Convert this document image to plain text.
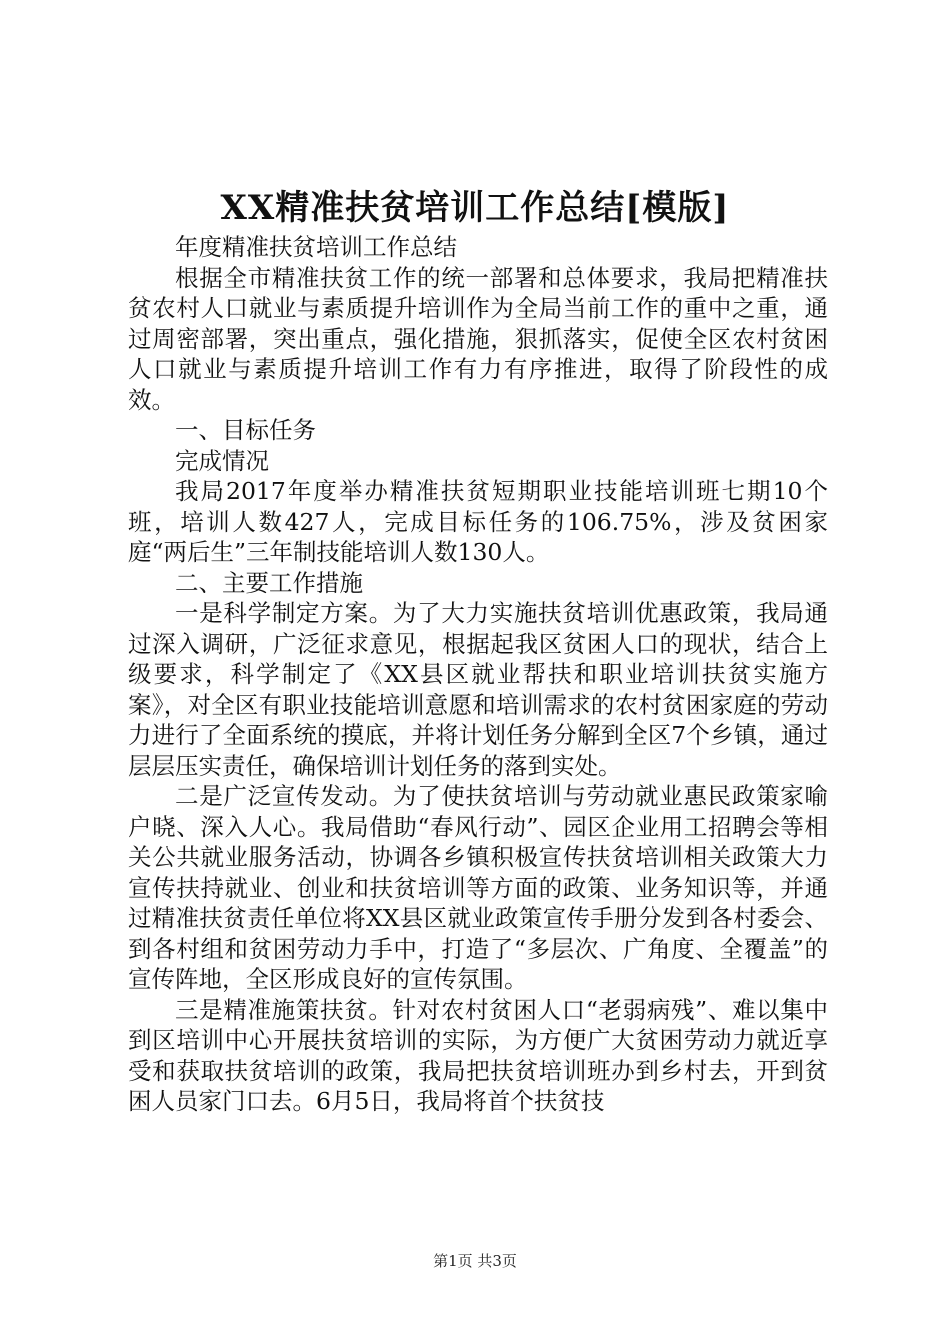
XX精准扶贫培训工作总结[模版]

年度精准扶贫培训工作总结

根据全市精准扶贫工作的统一部署和总体要求，我局把精准扶贫农村人口就业与素质提升培训作为全局当前工作的重中之重，通过周密部署，突出重点，强化措施，狠抓落实，促使全区农村贫困人口就业与素质提升培训工作有力有序推进，取得了阶段性的成效。

一、目标任务

完成情况

我局2017年度举办精准扶贫短期职业技能培训班七期10个班，培训人数427人，完成目标任务的106.75%，涉及贫困家庭“两后生”三年制技能培训人数130人。

二、主要工作措施

一是科学制定方案。为了大力实施扶贫培训优惠政策，我局通过深入调研，广泛征求意见，根据起我区贫困人口的现状，结合上级要求，科学制定了《XX县区就业帮扶和职业培训扶贫实施方案》，对全区有职业技能培训意愿和培训需求的农村贫困家庭的劳动力进行了全面系统的摸底，并将计划任务分解到全区7个乡镇，通过层层压实责任，确保培训计划任务的落到实处。

二是广泛宣传发动。为了使扶贫培训与劳动就业惠民政策家喻户晓、深入人心。我局借助“春风行动”、园区企业用工招聘会等相关公共就业服务活动，协调各乡镇积极宣传扶贫培训相关政策大力宣传扶持就业、创业和扶贫培训等方面的政策、业务知识等，并通过精准扶贫责任单位将XX县区就业政策宣传手册分发到各村委会、到各村组和贫困劳动力手中，打造了“多层次、广角度、全覆盖”的宣传阵地，全区形成良好的宣传氛围。

三是精准施策扶贫。针对农村贫困人口“老弱病残”、难以集中到区培训中心开展扶贫培训的实际，为方便广大贫困劳动力就近享受和获取扶贫培训的政策，我局把扶贫培训班办到乡村去，开到贫困人员家门口去。6月5日，我局将首个扶贫技

第1页 共3页
